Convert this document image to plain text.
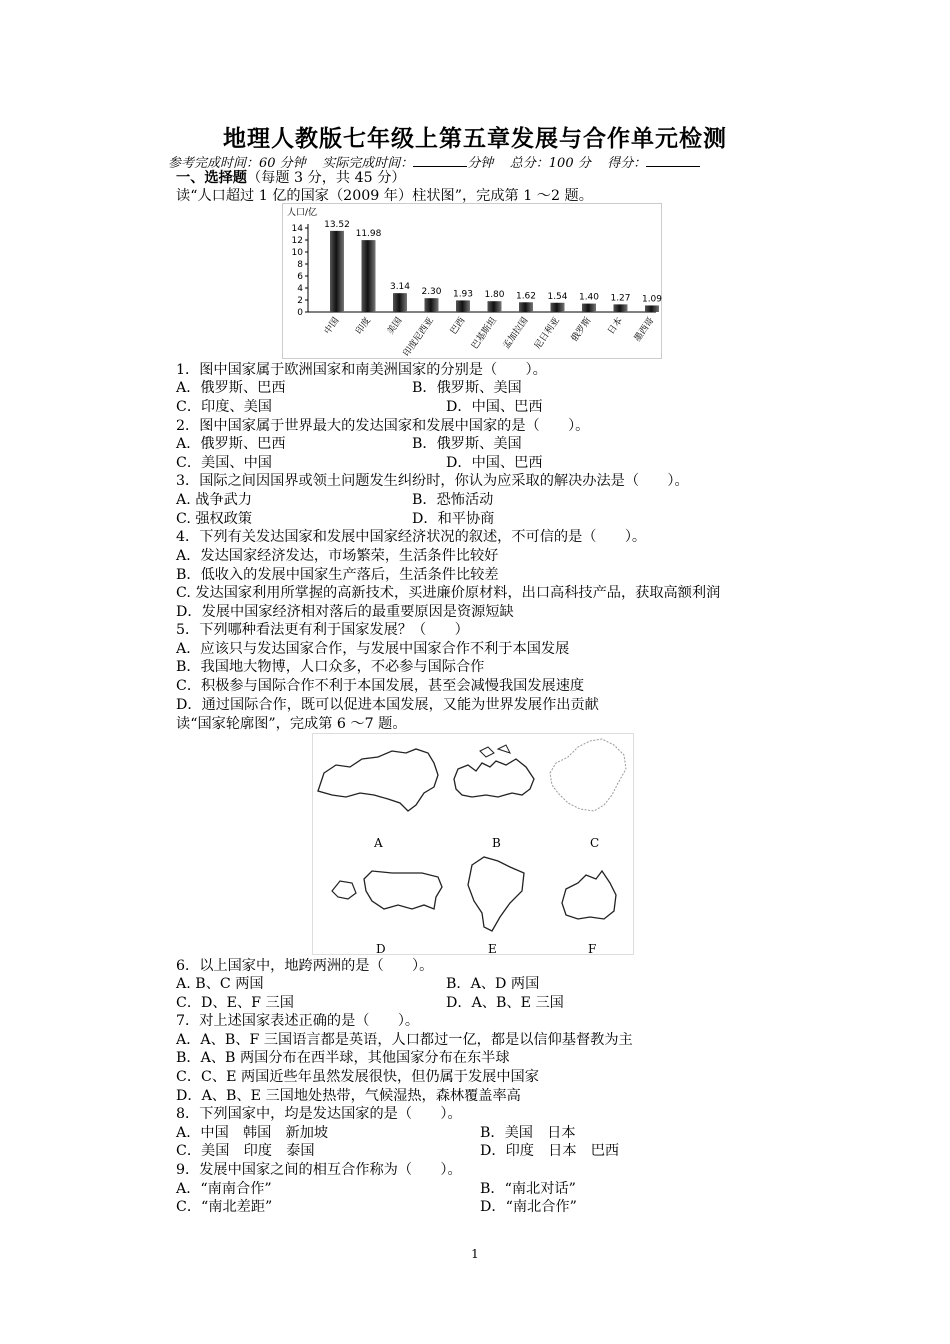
地理人教版七年级上第五章发展与合作单元检测
参考完成时间：60 分钟 实际完成时间：	分钟 总分：100 分 得分：
一、选择题（每题 3 分，共 45 分）
读“人口超过 1 亿的国家（2009 年）柱状图”，完成第 1 ～2 题。
人口/亿
0
2
4
6
8
10
12
14 13.52
中国
11.98
印度
3.14
美国
2.30
印度尼西亚
1.93
巴西
1.80
巴基斯坦
1.62
孟加拉国
1.54
尼日利亚
1.40
俄罗斯
1.27
日本
1.09
墨西哥
1．图中国家属于欧洲国家和南美洲国家的分别是（　　）。
A．俄罗斯、巴西	B．俄罗斯、美国
C．印度、美国	D．中国、巴西
2．图中国家属于世界最大的发达国家和发展中国家的是（　　）。
A．俄罗斯、巴西	B．俄罗斯、美国
C．美国、中国	D．中国、巴西
3．国际之间因国界或领土问题发生纠纷时，你认为应采取的解决办法是（　　）。
A. 战争武力	B．恐怖活动
C. 强权政策	D．和平协商
4．下列有关发达国家和发展中国家经济状况的叙述，不可信的是（　　）。
A．发达国家经济发达，市场繁荣，生活条件比较好
B．低收入的发展中国家生产落后，生活条件比较差
C. 发达国家利用所掌握的高新技术，买进廉价原材料，出口高科技产品，获取高额利润
D．发展中国家经济相对落后的最重要原因是资源短缺
5．下列哪种看法更有利于国家发展？（　　）
A．应该只与发达国家合作，与发展中国家合作不利于本国发展
B．我国地大物博，人口众多，不必参与国际合作
C．积极参与国际合作不利于本国发展，甚至会减慢我国发展速度
D．通过国际合作，既可以促进本国发展，又能为世界发展作出贡献
读“国家轮廓图”，完成第 6 ～7 题。
A	B	C
D	E	F
6．以上国家中，地跨两洲的是（　　）。
A. B、C 两国	B．A、D 两国
C．D、E、F 三国	D．A、B、E 三国
7．对上述国家表述正确的是（　　）。
A．A、B、F 三国语言都是英语，人口都过一亿，都是以信仰基督教为主
B．A、B 两国分布在西半球，其他国家分布在东半球
C．C、E 两国近些年虽然发展很快，但仍属于发展中国家
D．A、B、E 三国地处热带，气候湿热，森林覆盖率高
8．下列国家中，均是发达国家的是（　　）。
A．中国　韩国　新加坡	B．美国　日本
C．美国　印度　泰国	D．印度　日本　巴西
9．发展中国家之间的相互合作称为（　　）。
A．“南南合作”	B．“南北对话”
C．“南北差距”	D．“南北合作”
1
